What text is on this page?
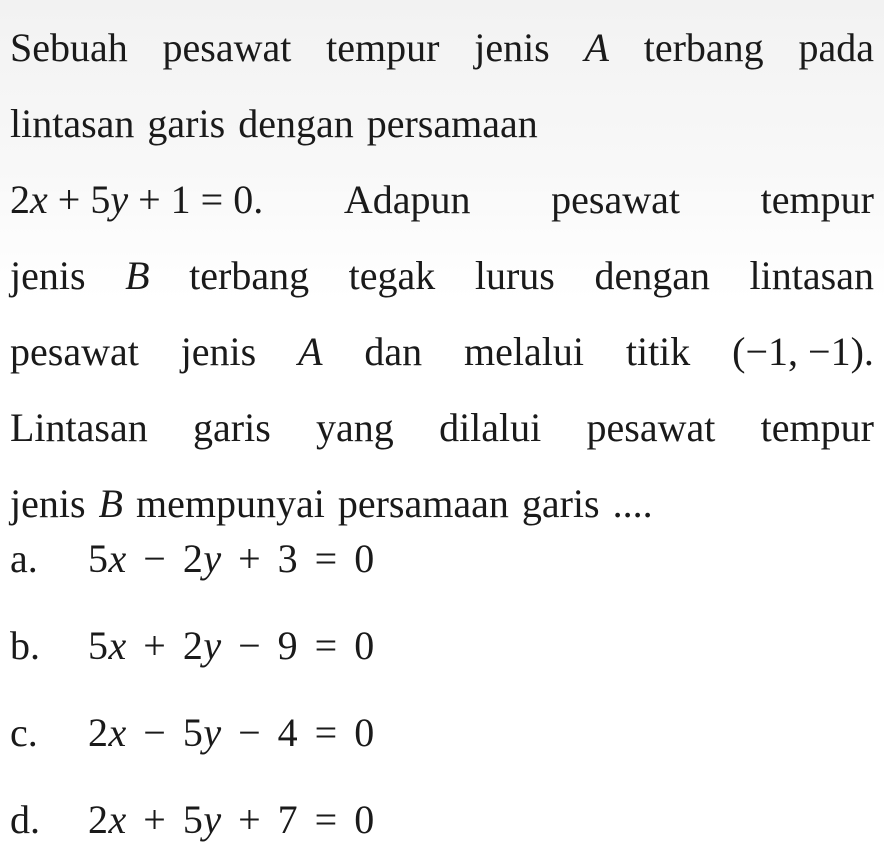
Sebuah pesawat tempur jenis A terbang pada
lintasan garis dengan persamaan
2x + 5y + 1 = 0. Adapun pesawat tempur
jenis B terbang tegak lurus dengan lintasan
pesawat jenis A dan melalui titik (−1, −1).
Lintasan garis yang dilalui pesawat tempur
jenis B mempunyai persamaan garis ....
a.	5x − 2y + 3 = 0
b.	5x + 2y − 9 = 0
c.	2x − 5y − 4 = 0
d.	2x + 5y + 7 = 0
